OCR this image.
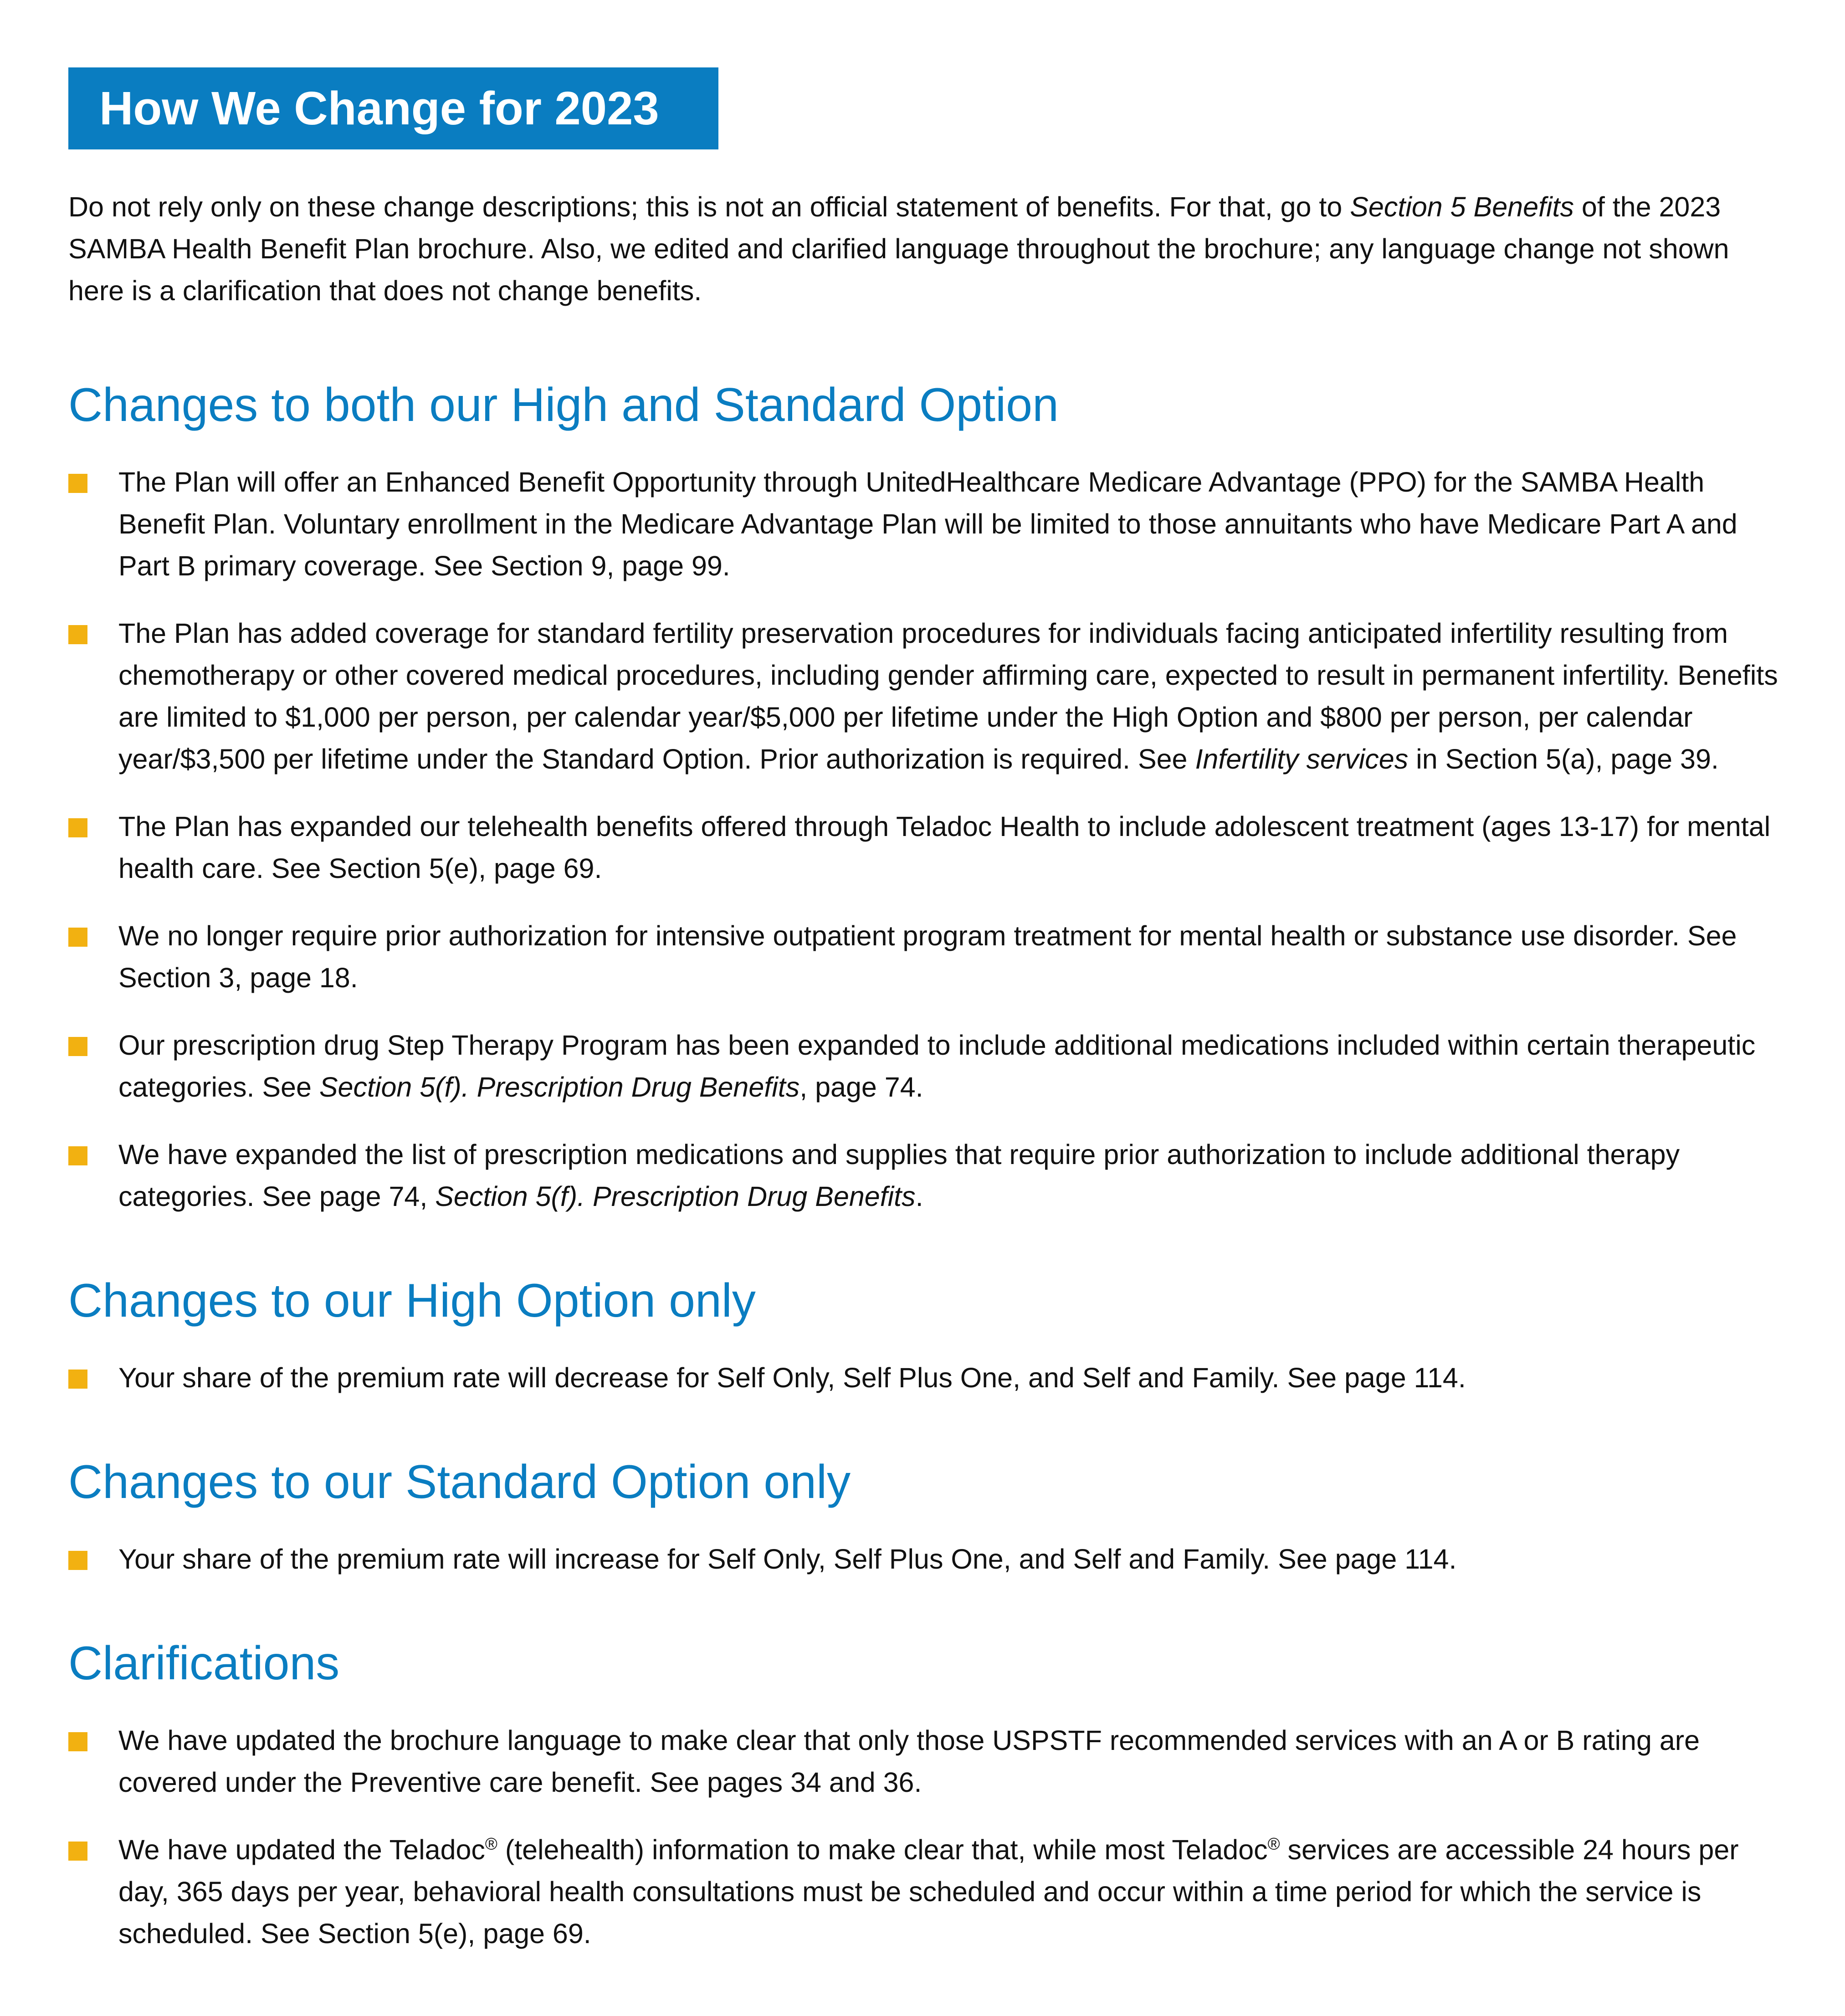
How We Change for 2023

Do not rely only on these change descriptions; this is not an official statement of benefits. For that, go to Section 5 Benefits of the 2023 SAMBA Health Benefit Plan brochure. Also, we edited and clarified language throughout the brochure; any language change not shown here is a clarification that does not change benefits.

Changes to both our High and Standard Option
The Plan will offer an Enhanced Benefit Opportunity through UnitedHealthcare Medicare Advantage (PPO) for the SAMBA Health Benefit Plan. Voluntary enrollment in the Medicare Advantage Plan will be limited to those annuitants who have Medicare Part A and Part B primary coverage. See Section 9, page 99.
The Plan has added coverage for standard fertility preservation procedures for individuals facing anticipated infertility resulting from chemotherapy or other covered medical procedures, including gender affirming care, expected to result in permanent infertility. Benefits are limited to $1,000 per person, per calendar year/$5,000 per lifetime under the High Option and $800 per person, per calendar year/$3,500 per lifetime under the Standard Option. Prior authorization is required. See Infertility services in Section 5(a), page 39.
The Plan has expanded our telehealth benefits offered through Teladoc Health to include adolescent treatment (ages 13-17) for mental health care. See Section 5(e), page 69.
We no longer require prior authorization for intensive outpatient program treatment for mental health or substance use disorder. See Section 3, page 18.
Our prescription drug Step Therapy Program has been expanded to include additional medications included within certain therapeutic categories. See Section 5(f). Prescription Drug Benefits, page 74.
We have expanded the list of prescription medications and supplies that require prior authorization to include additional therapy categories. See page 74, Section 5(f). Prescription Drug Benefits.
Changes to our High Option only
Your share of the premium rate will decrease for Self Only, Self Plus One, and Self and Family. See page 114.
Changes to our Standard Option only
Your share of the premium rate will increase for Self Only, Self Plus One, and Self and Family. See page 114.
Clarifications
We have updated the brochure language to make clear that only those USPSTF recommended services with an A or B rating are covered under the Preventive care benefit. See pages 34 and 36.
We have updated the Teladoc® (telehealth) information to make clear that, while most Teladoc® services are accessible 24 hours per day, 365 days per year, behavioral health consultations must be scheduled and occur within a time period for which the service is scheduled. See Section 5(e), page 69.
